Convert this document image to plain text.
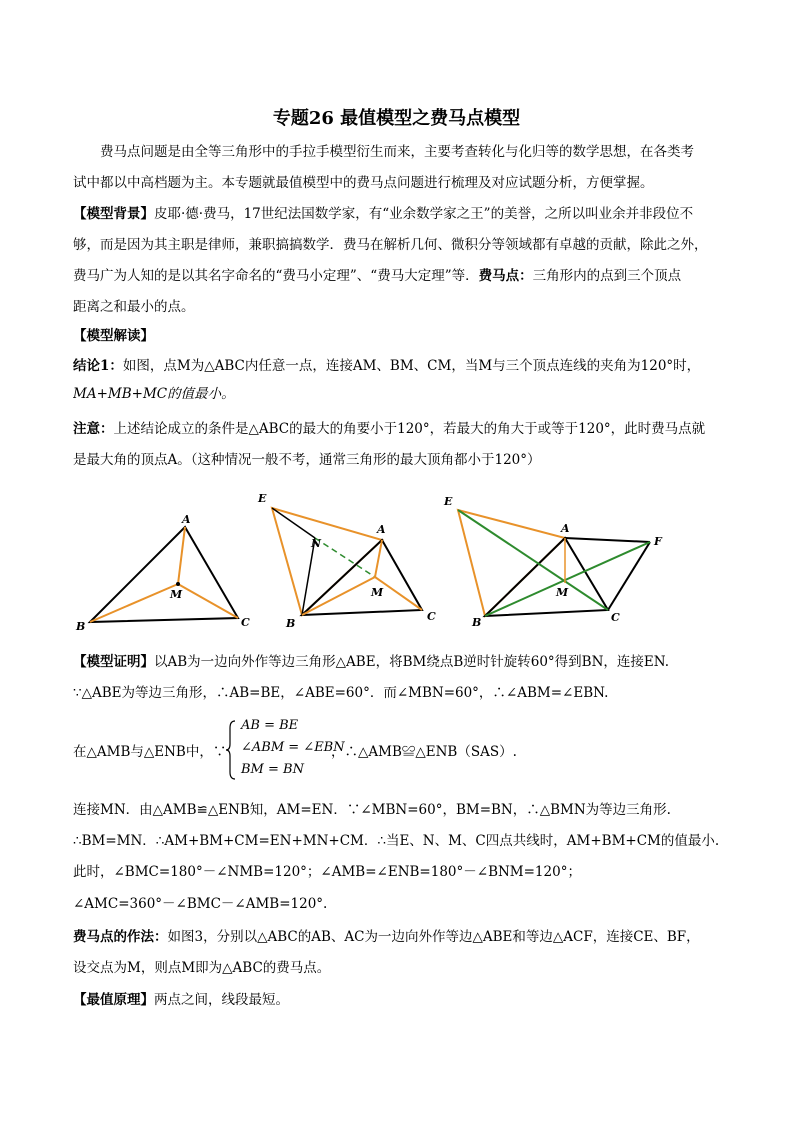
专题26 最值模型之费马点模型
费马点问题是由全等三角形中的手拉手模型衍生而来，主要考查转化与化归等的数学思想，在各类考
试中都以中高档题为主。本专题就最值模型中的费马点问题进行梳理及对应试题分析，方便掌握。
【模型背景】皮耶·德·费马，17世纪法国数学家，有“业余数学家之王”的美誉，之所以叫业余并非段位不
够，而是因为其主职是律师，兼职搞搞数学．费马在解析几何、微积分等领域都有卓越的贡献，除此之外，
费马广为人知的是以其名字命名的“费马小定理”、“费马大定理”等．费马点：三角形内的点到三个顶点
距离之和最小的点。
【模型解读】
结论1：如图，点M为△ABC内任意一点，连接AM、BM、CM，当M与三个顶点连线的夹角为120°时，
MA+MB+MC的值最小。
注意：上述结论成立的条件是△ABC的最大的角要小于120°，若最大的角大于或等于120°，此时费马点就
是最大角的顶点A。（这种情况一般不考，通常三角形的最大顶角都小于120°）
A
B	C
M
E
A
N
M
B
C
E
A
F
M
B	C
【模型证明】以AB为一边向外作等边三角形△ABE，将BM绕点B逆时针旋转60°得到BN，连接EN.
∵△ABE为等边三角形，∴AB=BE，∠ABE=60°．而∠MBN=60°，∴∠ABM=∠EBN.
在△AMB与△ENB中，∵
AB = BE
∠ABM = ∠EBN
BM = BN
，∴△AMB≌△ENB（SAS）.
连接MN．由△AMB≌△ENB知，AM=EN．∵∠MBN=60°，BM=BN，∴△BMN为等边三角形.
∴BM=MN．∴AM+BM+CM=EN+MN+CM．∴当E、N、M、C四点共线时，AM+BM+CM的值最小.
此时，∠BMC=180°－∠NMB=120°；∠AMB=∠ENB=180°－∠BNM=120°；
∠AMC=360°－∠BMC－∠AMB=120°.
费马点的作法：如图3，分别以△ABC的AB、AC为一边向外作等边△ABE和等边△ACF，连接CE、BF，
设交点为M，则点M即为△ABC的费马点。
【最值原理】两点之间，线段最短。
